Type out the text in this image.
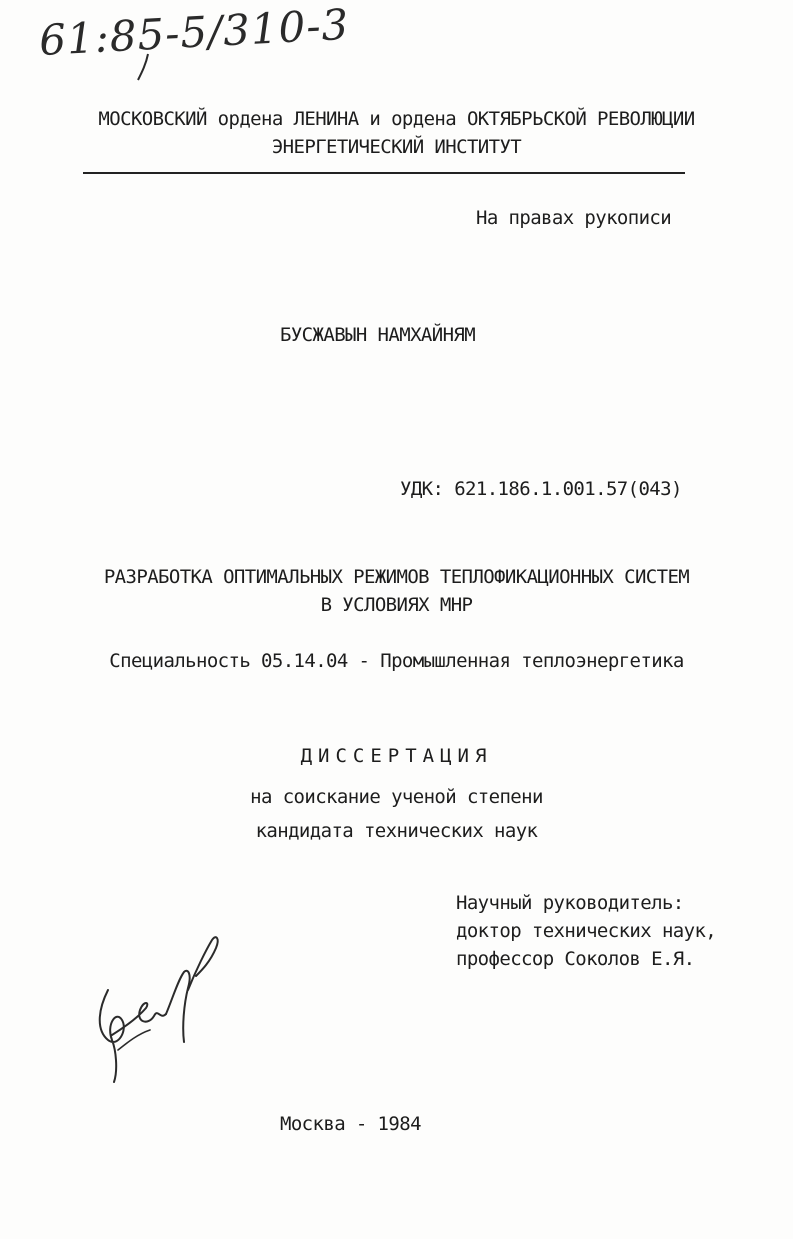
61:85-5/310-3
МОСКОВСКИЙ ордена ЛЕНИНА и ордена ОКТЯБРЬСКОЙ РЕВОЛЮЦИИ
ЭНЕРГЕТИЧЕСКИЙ ИНСТИТУТ
На правах рукописи
БУСЖАВЫН НАМХАЙНЯМ
УДК: 621.186.1.001.57(043)
РАЗРАБОТКА ОПТИМАЛЬНЫХ РЕЖИМОВ ТЕПЛОФИКАЦИОННЫХ СИСТЕМ
В УСЛОВИЯХ МНР
Специальность 05.14.04 - Промышленная теплоэнергетика
ДИССЕРТАЦИЯ
на соискание ученой степени
кандидата технических наук
Научный руководитель:
доктор технических наук,
профессор Соколов Е.Я.
Москва - 1984
